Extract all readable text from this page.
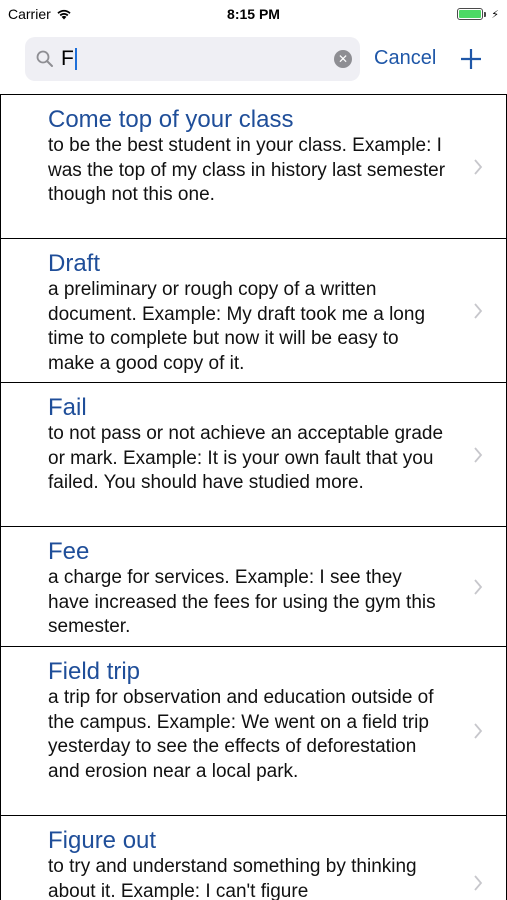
Carrier	8:15 PM	⚡︎
F	✕ Cancel
Come top of your class
to be the best student in your class. Example: I was the top of my class in history last semester though not this one.
Draft
a preliminary or rough copy of a written document. Example: My draft took me a long time to complete but now it will be easy to make a good copy of it.
Fail
to not pass or not achieve an acceptable grade or mark. Example: It is your own fault that you failed. You should have studied more.
Fee
a charge for services. Example: I see they have increased the fees for using the gym this semester.
Field trip
a trip for observation and education outside of the campus. Example: We went on a field trip yesterday to see the effects of deforestation and erosion near a local park.
Figure out
to try and understand something by thinking about it. Example: I can't figure
